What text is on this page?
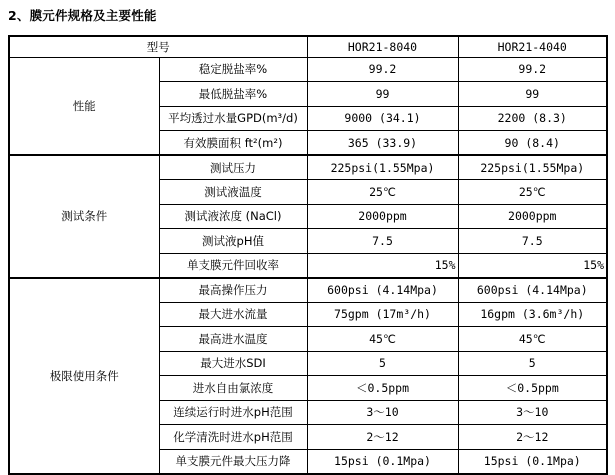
2、膜元件规格及主要性能
型号		HOR21-8040	HOR21-4040
性能	稳定脱盐率%	99.2	99.2
	最低脱盐率%	99	99
	平均透过水量GPD(m³/d)	9000 (34.1)	2200 (8.3)
	有效膜面积 ft²(m²)	365 (33.9)	90 (8.4)
测试条件	测试压力	225psi(1.55Mpa)	225psi(1.55Mpa)
	测试液温度	25℃	25℃
	测试液浓度 (NaCl)	2000ppm	2000ppm
	测试液pH值	7.5	7.5
	单支膜元件回收率	15%	15%
极限使用条件	最高操作压力	600psi (4.14Mpa)	600psi (4.14Mpa)
	最大进水流量	75gpm (17m³/h)	16gpm (3.6m³/h)
	最高进水温度	45℃	45℃
	最大进水SDI	5	5
	进水自由氯浓度	＜0.5ppm	＜0.5ppm
	连续运行时进水pH范围	3～10	3～10
	化学清洗时进水pH范围	2～12	2～12
	单支膜元件最大压力降	15psi (0.1Mpa)	15psi (0.1Mpa)
